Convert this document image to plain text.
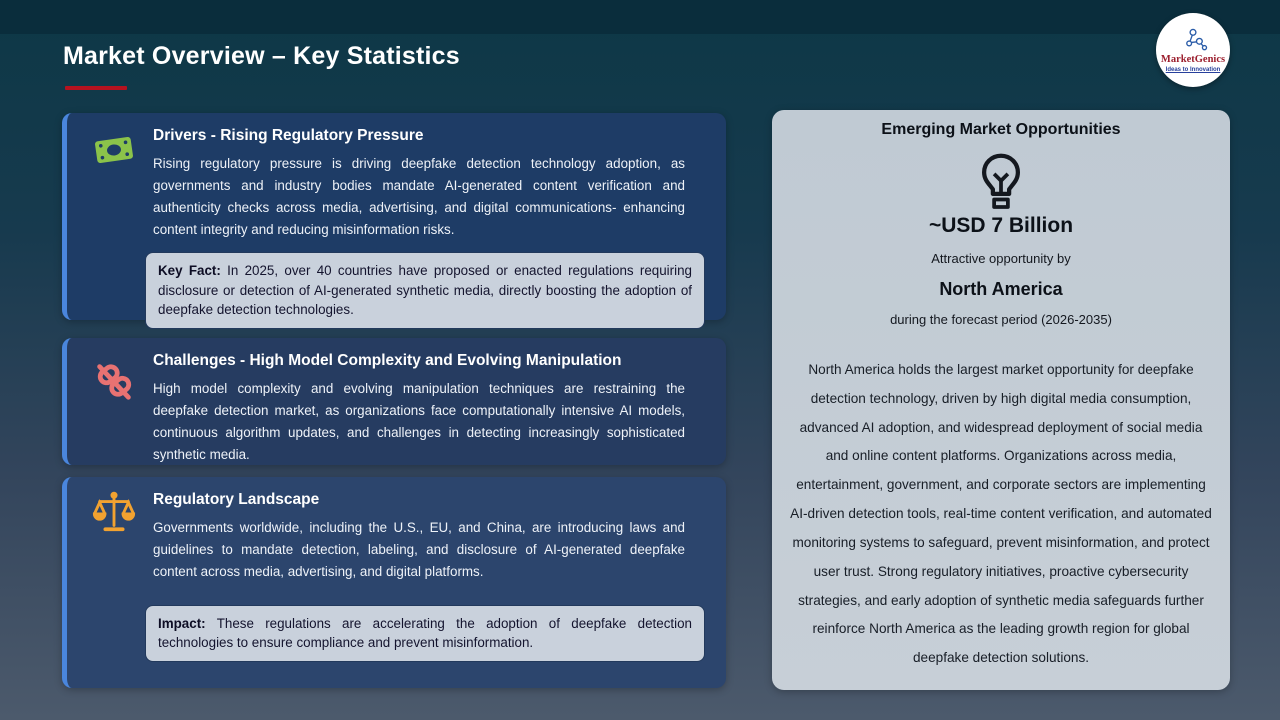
Market Overview – Key Statistics	MarketGenics
Ideas to Innovation
Drivers - Rising Regulatory Pressure
Rising regulatory pressure is driving deepfake detection technology adoption, as governments and industry bodies mandate AI-generated content verification and authenticity checks across media, advertising, and digital communications- enhancing content integrity and reducing misinformation risks.
Key Fact: In 2025, over 40 countries have proposed or enacted regulations requiring disclosure or detection of AI-generated synthetic media, directly boosting the adoption of deepfake detection technologies.
Challenges - High Model Complexity and Evolving Manipulation
High model complexity and evolving manipulation techniques are restraining the deepfake detection market, as organizations face computationally intensive AI models, continuous algorithm updates, and challenges in detecting increasingly sophisticated synthetic media.
Regulatory Landscape
Governments worldwide, including the U.S., EU, and China, are introducing laws and guidelines to mandate detection, labeling, and disclosure of AI-generated deepfake content across media, advertising, and digital platforms.
Impact: These regulations are accelerating the adoption of deepfake detection technologies to ensure compliance and prevent misinformation.
Emerging Market Opportunities
~USD 7 Billion
Attractive opportunity by
North America
during the forecast period (2026-2035)
North America holds the largest market opportunity for deepfake detection technology, driven by high digital media consumption, advanced AI adoption, and widespread deployment of social media and online content platforms. Organizations across media, entertainment, government, and corporate sectors are implementing AI-driven detection tools, real-time content verification, and automated monitoring systems to safeguard, prevent misinformation, and protect user trust. Strong regulatory initiatives, proactive cybersecurity strategies, and early adoption of synthetic media safeguards further reinforce North America as the leading growth region for global deepfake detection solutions.
